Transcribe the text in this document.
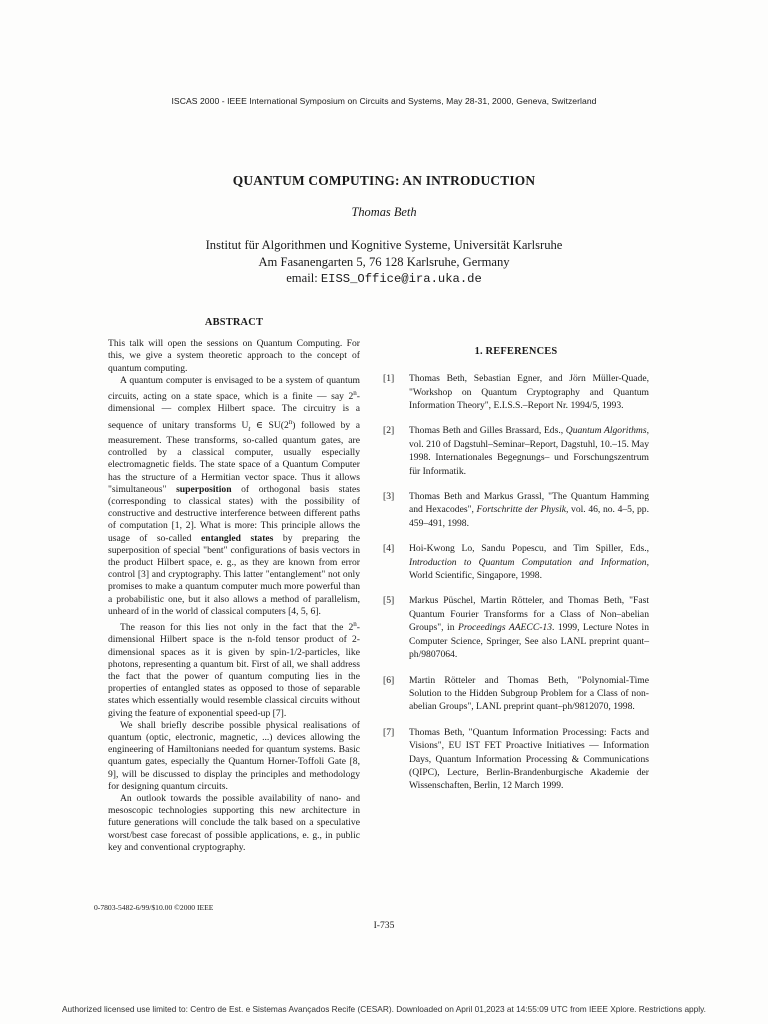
ISCAS 2000 - IEEE International Symposium on Circuits and Systems, May 28-31, 2000, Geneva, Switzerland
QUANTUM COMPUTING: AN INTRODUCTION
Thomas Beth
Institut für Algorithmen und Kognitive Systeme, Universität Karlsruhe
Am Fasanengarten 5, 76 128 Karlsruhe, Germany
email: EISS_Office@ira.uka.de
ABSTRACT

This talk will open the sessions on Quantum Computing. For this, we give a system theoretic approach to the concept of quantum computing.

A quantum computer is envisaged to be a system of quantum circuits, acting on a state space, which is a finite — say 2$^n$-dimensional — complex Hilbert space. The circuitry is a sequence of unitary transforms $U_t$ ∈ SU(2$^n$) followed by a measurement. These transforms, so-called quantum gates, are controlled by a classical computer, usually especially electromagnetic fields. The state space of a Quantum Computer has the structure of a Hermitian vector space. Thus it allows "simultaneous" superposition of orthogonal basis states (corresponding to classical states) with the possibility of constructive and destructive interference between different paths of computation [1, 2]. What is more: This principle allows the usage of so-called entangled states by preparing the superposition of special "bent" configurations of basis vectors in the product Hilbert space, e. g., as they are known from error control [3] and cryptography. This latter "entanglement" not only promises to make a quantum computer much more powerful than a probabilistic one, but it also allows a method of parallelism, unheard of in the world of classical computers [4, 5, 6].

The reason for this lies not only in the fact that the 2$^n$-dimensional Hilbert space is the n-fold tensor product of 2-dimensional spaces as it is given by spin-1/2-particles, like photons, representing a quantum bit. First of all, we shall address the fact that the power of quantum computing lies in the properties of entangled states as opposed to those of separable states which essentially would resemble classical circuits without giving the feature of exponential speed-up [7].

We shall briefly describe possible physical realisations of quantum (optic, electronic, magnetic, ...) devices allowing the engineering of Hamiltonians needed for quantum systems. Basic quantum gates, especially the Quantum Horner-Toffoli Gate [8, 9], will be discussed to display the principles and methodology for designing quantum circuits.

An outlook towards the possible availability of nano- and mesoscopic technologies supporting this new architecture in future generations will conclude the talk based on a speculative worst/best case forecast of possible applications, e. g., in public key and conventional cryptography.

1. REFERENCES
[1]	Thomas Beth, Sebastian Egner, and Jörn Müller-Quade, "Workshop on Quantum Cryptography and Quantum Information Theory", E.I.S.S.–Report Nr. 1994/5, 1993.
[2]	Thomas Beth and Gilles Brassard, Eds., Quantum Algorithms, vol. 210 of Dagstuhl–Seminar–Report, Dagstuhl, 10.–15. May 1998. Internationales Begegnungs– und Forschungszentrum für Informatik.
[3]	Thomas Beth and Markus Grassl, "The Quantum Hamming and Hexacodes", Fortschritte der Physik, vol. 46, no. 4–5, pp. 459–491, 1998.
[4]	Hoi-Kwong Lo, Sandu Popescu, and Tim Spiller, Eds., Introduction to Quantum Computation and Information, World Scientific, Singapore, 1998.
[5]	Markus Püschel, Martin Rötteler, and Thomas Beth, "Fast Quantum Fourier Transforms for a Class of Non–abelian Groups", in Proceedings AAECC-13. 1999, Lecture Notes in Computer Science, Springer, See also LANL preprint quant–ph/9807064.
[6]	Martin Rötteler and Thomas Beth, "Polynomial-Time Solution to the Hidden Subgroup Problem for a Class of non-abelian Groups", LANL preprint quant–ph/9812070, 1998.
[7]	Thomas Beth, "Quantum Information Processing: Facts and Visions", EU IST FET Proactive Initiatives — Information Days, Quantum Information Processing & Communications (QIPC), Lecture, Berlin-Brandenburgische Akademie der Wissenschaften, Berlin, 12 March 1999.
0-7803-5482-6/99/$10.00 ©2000 IEEE
I-735
Authorized licensed use limited to: Centro de Est. e Sistemas Avançados Recife (CESAR). Downloaded on April 01,2023 at 14:55:09 UTC from IEEE Xplore. Restrictions apply.
